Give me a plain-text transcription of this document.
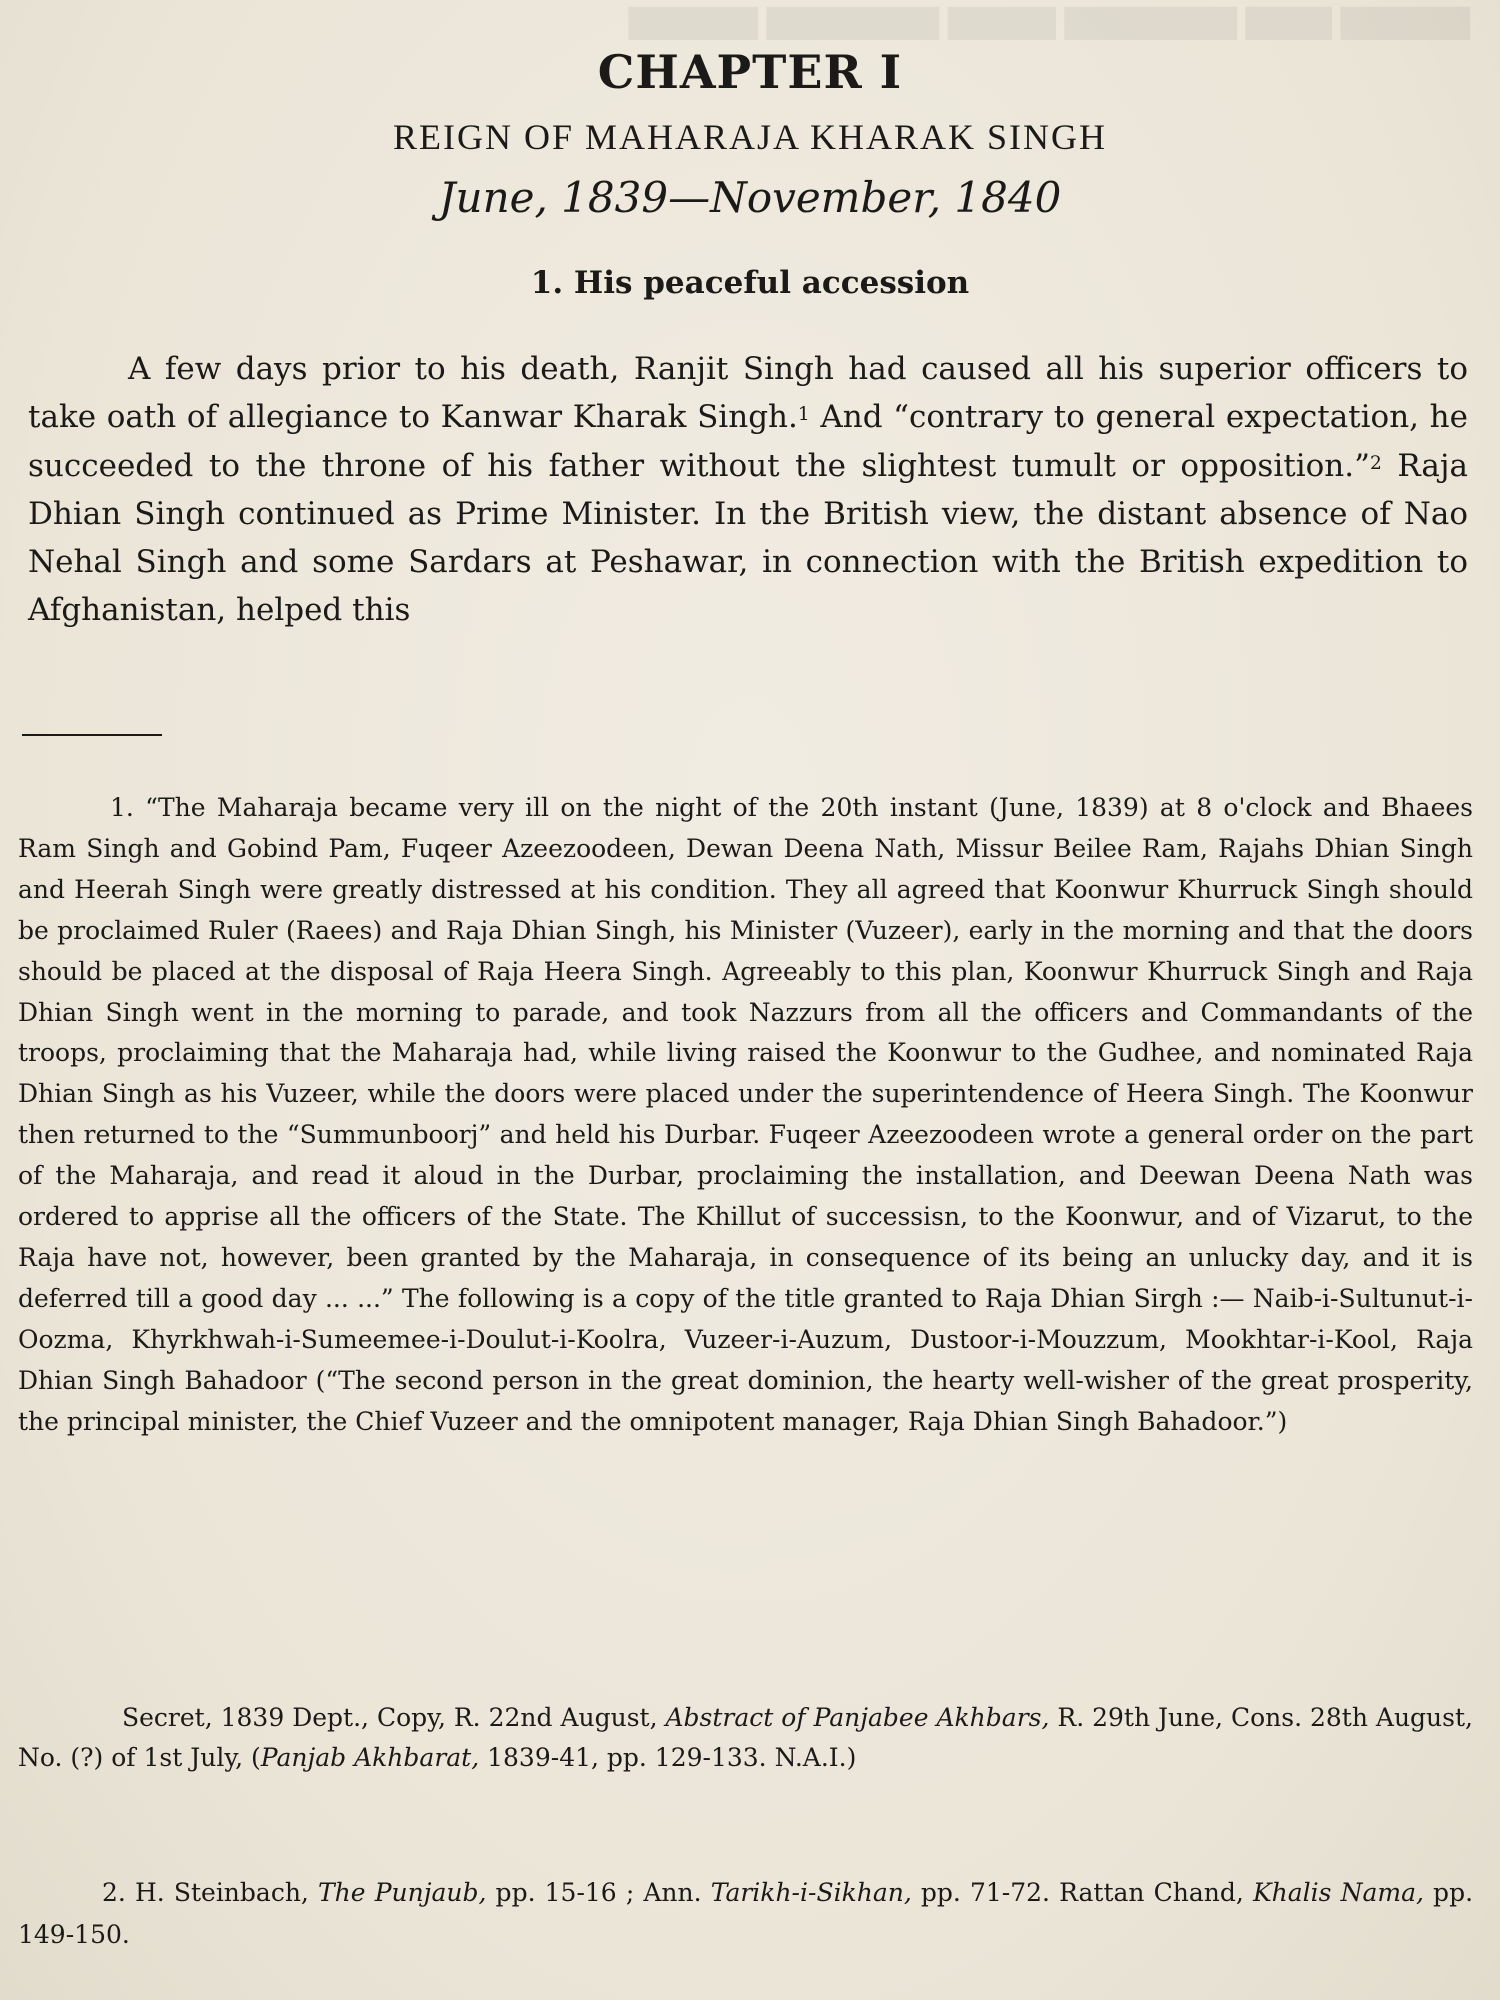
CHAPTER I
REIGN OF MAHARAJA KHARAK SINGH
June, 1839—November, 1840
1. His peaceful accession

A few days prior to his death, Ranjit Singh had caused all his superior officers to take oath of allegiance to Kanwar Kharak Singh.$^1$ And “contrary to general expectation, he succeeded to the throne of his father without the slightest tumult or opposition.”$^2$ Raja Dhian Singh continued as Prime Minister. In the British view, the distant absence of Nao Nehal Singh and some Sardars at Peshawar, in connection with the British expedition to Afghanistan, helped this

1. “The Maharaja became very ill on the night of the 20th instant (June, 1839) at 8 o'clock and Bhaees Ram Singh and Gobind Pam, Fuqeer Azeezoodeen, Dewan Deena Nath, Missur Beilee Ram, Rajahs Dhian Singh and Heerah Singh were greatly distressed at his condition. They all agreed that Koonwur Khurruck Singh should be proclaimed Ruler (Raees) and Raja Dhian Singh, his Minister (Vuzeer), early in the morning and that the doors should be placed at the disposal of Raja Heera Singh. Agreeably to this plan, Koonwur Khurruck Singh and Raja Dhian Singh went in the morning to parade, and took Nazzurs from all the officers and Commandants of the troops, proclaiming that the Maharaja had, while living raised the Koonwur to the Gudhee, and nominated Raja Dhian Singh as his Vuzeer, while the doors were placed under the superintendence of Heera Singh. The Koonwur then returned to the “Summunboorj” and held his Durbar. Fuqeer Azeezoodeen wrote a general order on the part of the Maharaja, and read it aloud in the Durbar, proclaiming the installation, and Deewan Deena Nath was ordered to apprise all the officers of the State. The Khillut of successisn, to the Koonwur, and of Vizarut, to the Raja have not, however, been granted by the Maharaja, in consequence of its being an unlucky day, and it is deferred till a good day ... ...” The following is a copy of the title granted to Raja Dhian Sirgh :— Naib-i-Sultunut-i-Oozma, Khyrkhwah-i-Sumeemee-i-Doulut-i-Koolra, Vuzeer-i-Auzum, Dustoor-i-Mouzzum, Mookhtar-i-Kool, Raja Dhian Singh Bahadoor (“The second person in the great dominion, the hearty well-wisher of the great prosperity, the principal minister, the Chief Vuzeer and the omnipotent manager, Raja Dhian Singh Bahadoor.”)

Secret, 1839 Dept., Copy, R. 22nd August, Abstract of Panjabee Akhbars, R. 29th June, Cons. 28th August, No. (?) of 1st July, (Panjab Akhbarat, 1839-41, pp. 129-133. N.A.I.)

2. H. Steinbach, The Punjaub, pp. 15-16 ; Ann. Tarikh-i-Sikhan, pp. 71-72. Rattan Chand, Khalis Nama, pp. 149-150.
